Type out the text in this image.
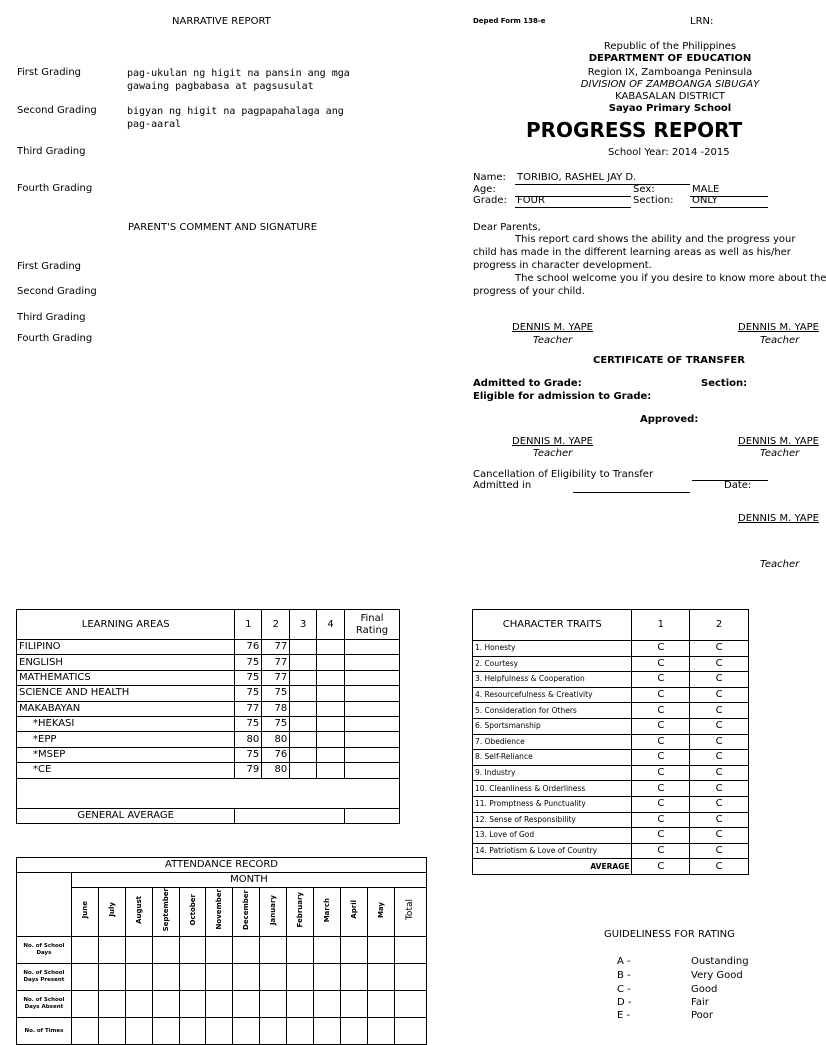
NARRATIVE REPORT
First Grading	pag-ukulan ng higit na pansin ang mga
gawaing pagbabasa at pagsusulat
Second Grading	bigyan ng higit na pagpapahalaga ang
pag-aaral
Third Grading
Fourth Grading
PARENT'S COMMENT AND SIGNATURE
First Grading
Second Grading
Third Grading
Fourth Grading
Deped Form 138-e	LRN:
Republic of the Philippines
DEPARTMENT OF EDUCATION
Region IX, Zamboanga Peninsula
DIVISION OF ZAMBOANGA SIBUGAY
KABASALAN DISTRICT
Sayao Primary School
PROGRESS REPORT
School Year: 2014 -2015
Name: TORIBIO, RASHEL JAY D.
Age:	Sex:	MALE
Grade: FOUR	Section: ONLY
Dear Parents,
This report card shows the ability and the progress your
child has made in the different learning areas as well as his/her
progress in character development.
The school welcome you if you desire to know more about the
progress of your child.
DENNIS M. YAPE
Teacher
DENNIS M. YAPE
Teacher
CERTIFICATE OF TRANSFER
Admitted to Grade:	Section:
Eligible for admission to Grade:
Approved:
DENNIS M. YAPE
Teacher
DENNIS M. YAPE
Teacher
Cancellation of Eligibility to Transfer
Admitted in	Date:
DENNIS M. YAPE
Teacher
LEARNING AREAS	1	2	3	4	Final Rating
FILIPINO	76	77			
ENGLISH	75	77			
MATHEMATICS	75	77			
SCIENCE AND HEALTH	75	75			
MAKABAYAN	77	78			
*HEKASI	75	75			
*EPP	80	80			
*MSEP	75	76			
*CE	79	80			

GENERAL AVERAGE					
CHARACTER TRAITS	1	2
1. Honesty	C	C
2. Courtesy	C	C
3. Helpfulness & Cooperation	C	C
4. Resourcefulness & Creativity	C	C
5. Consideration for Others	C	C
6. Sportsmanship	C	C
7. Obedience	C	C
8. Self-Reliance	C	C
9. Industry	C	C
10. Cleanliness & Orderliness	C	C
11. Promptness & Punctuality	C	C
12. Sense of Responsibility	C	C
13. Love of God	C	C
14. Patriotism & Love of Country	C	C
AVERAGE	C	C
ATTENDANCE RECORD													
	MONTH												
	June	July	August	September	October	November	December	January	February	March	April	May	Total
No. of School Days													
No. of School Days Present													
No. of School Days Absent													
No. of Times													
GUIDELINESS FOR RATING
A -	Oustanding
B -	Very Good
C -	Good
D -	Fair
E -	Poor
